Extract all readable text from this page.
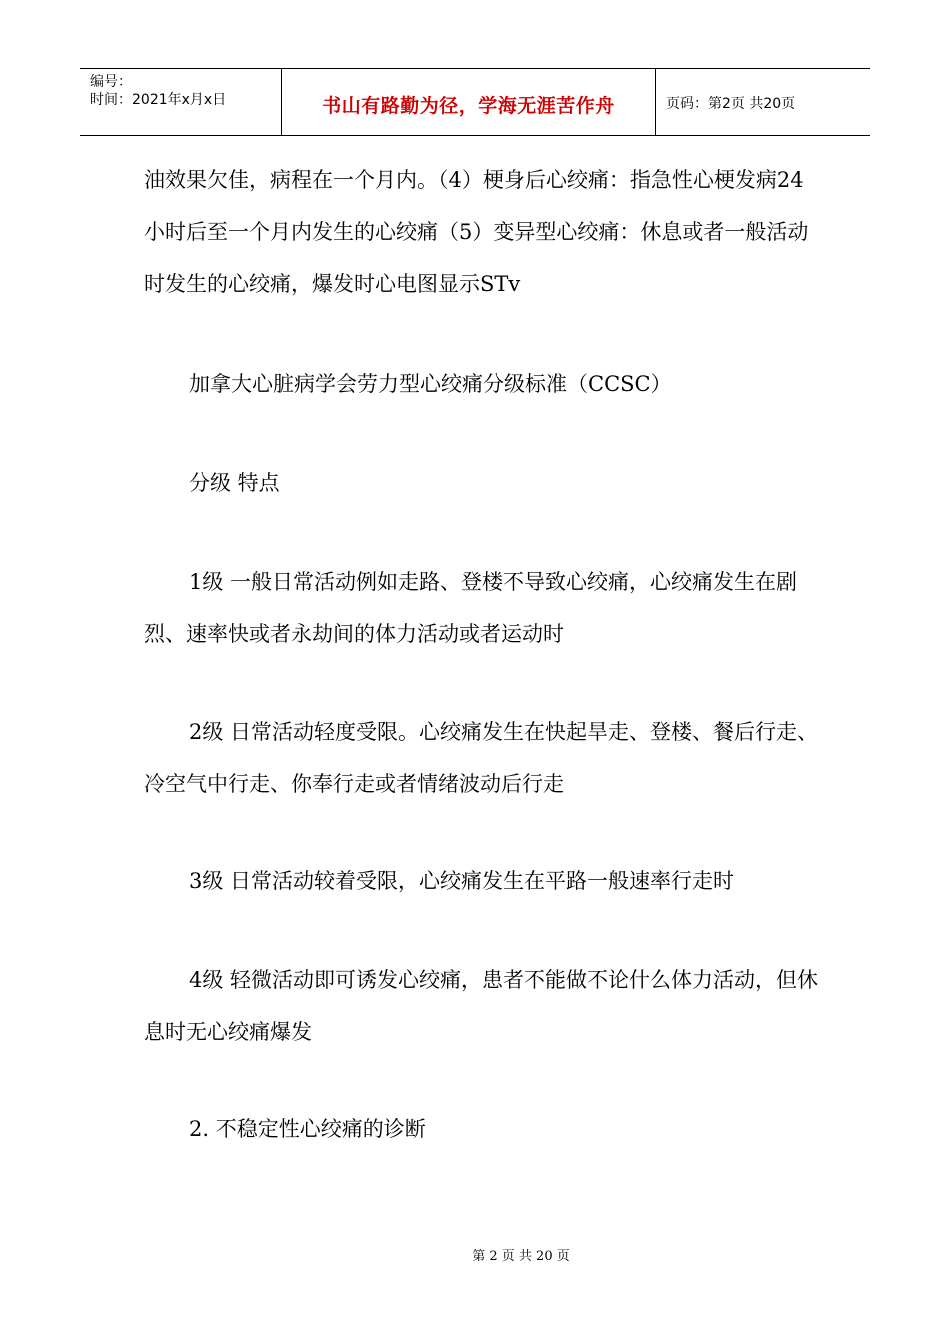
编号：
时间：2021年x月x日	书山有路勤为径，学海无涯苦作舟	页码：第2页 共20页

油效果欠佳，病程在一个月内。（4）梗身后心绞痛：指急性心梗发病24小时后至一个月内发生的心绞痛（5）变异型心绞痛：休息或者一般活动时发生的心绞痛，爆发时心电图显示STv

加拿大心脏病学会劳力型心绞痛分级标准（CCSC）

分级 特点

1级 一般日常活动例如走路、登楼不导致心绞痛，心绞痛发生在剧烈、速率快或者永劫间的体力活动或者运动时

2级 日常活动轻度受限。心绞痛发生在快起旱走、登楼、餐后行走、冷空气中行走、你奉行走或者情绪波动后行走

3级 日常活动较着受限，心绞痛发生在平路一般速率行走时

4级 轻微活动即可诱发心绞痛，患者不能做不论什么体力活动，但休息时无心绞痛爆发

2. 不稳定性心绞痛的诊断

第 2 页 共 20 页
